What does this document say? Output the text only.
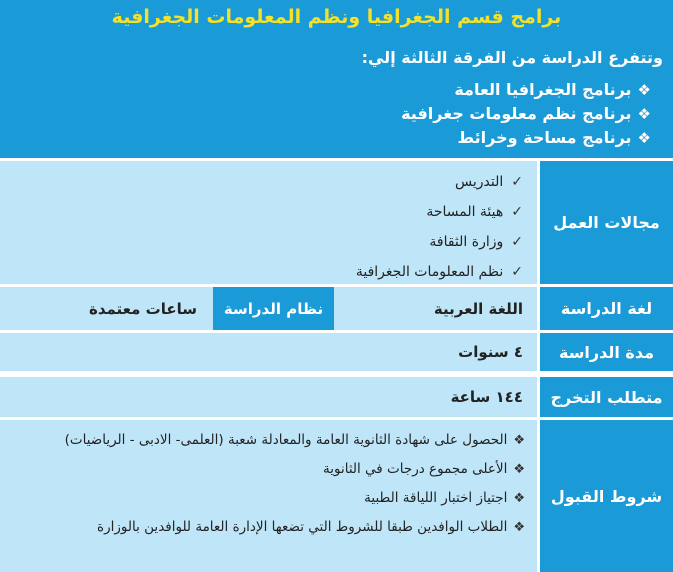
برامج قسم الجغرافيا ونظم المعلومات الجغرافية
وتتفرع الدراسة من الفرقة الثالثة إلي:
❖برنامج الجغرافيا العامة
❖برنامج نظم معلومات جغرافية
❖برنامج مساحة وخرائط
مجالات العمل
✓التدريس
✓هيئة المساحة
✓وزارة الثقافة
✓نظم المعلومات الجغرافية
لغة الدراسة
اللغة العربية
نظام الدراسة
ساعات معتمدة
مدة الدراسة
٤ سنوات
متطلب التخرج
١٤٤ ساعة
شروط القبول
❖الحصول على شهادة الثانوية العامة والمعادلة شعبة (العلمى- الادبى - الرياضيات)
❖الأعلى مجموع درجات في الثانوية
❖اجتياز اختبار اللياقة الطبية
❖الطلاب الوافدين طبقا للشروط التي تضعها الإدارة العامة للوافدين بالوزارة
